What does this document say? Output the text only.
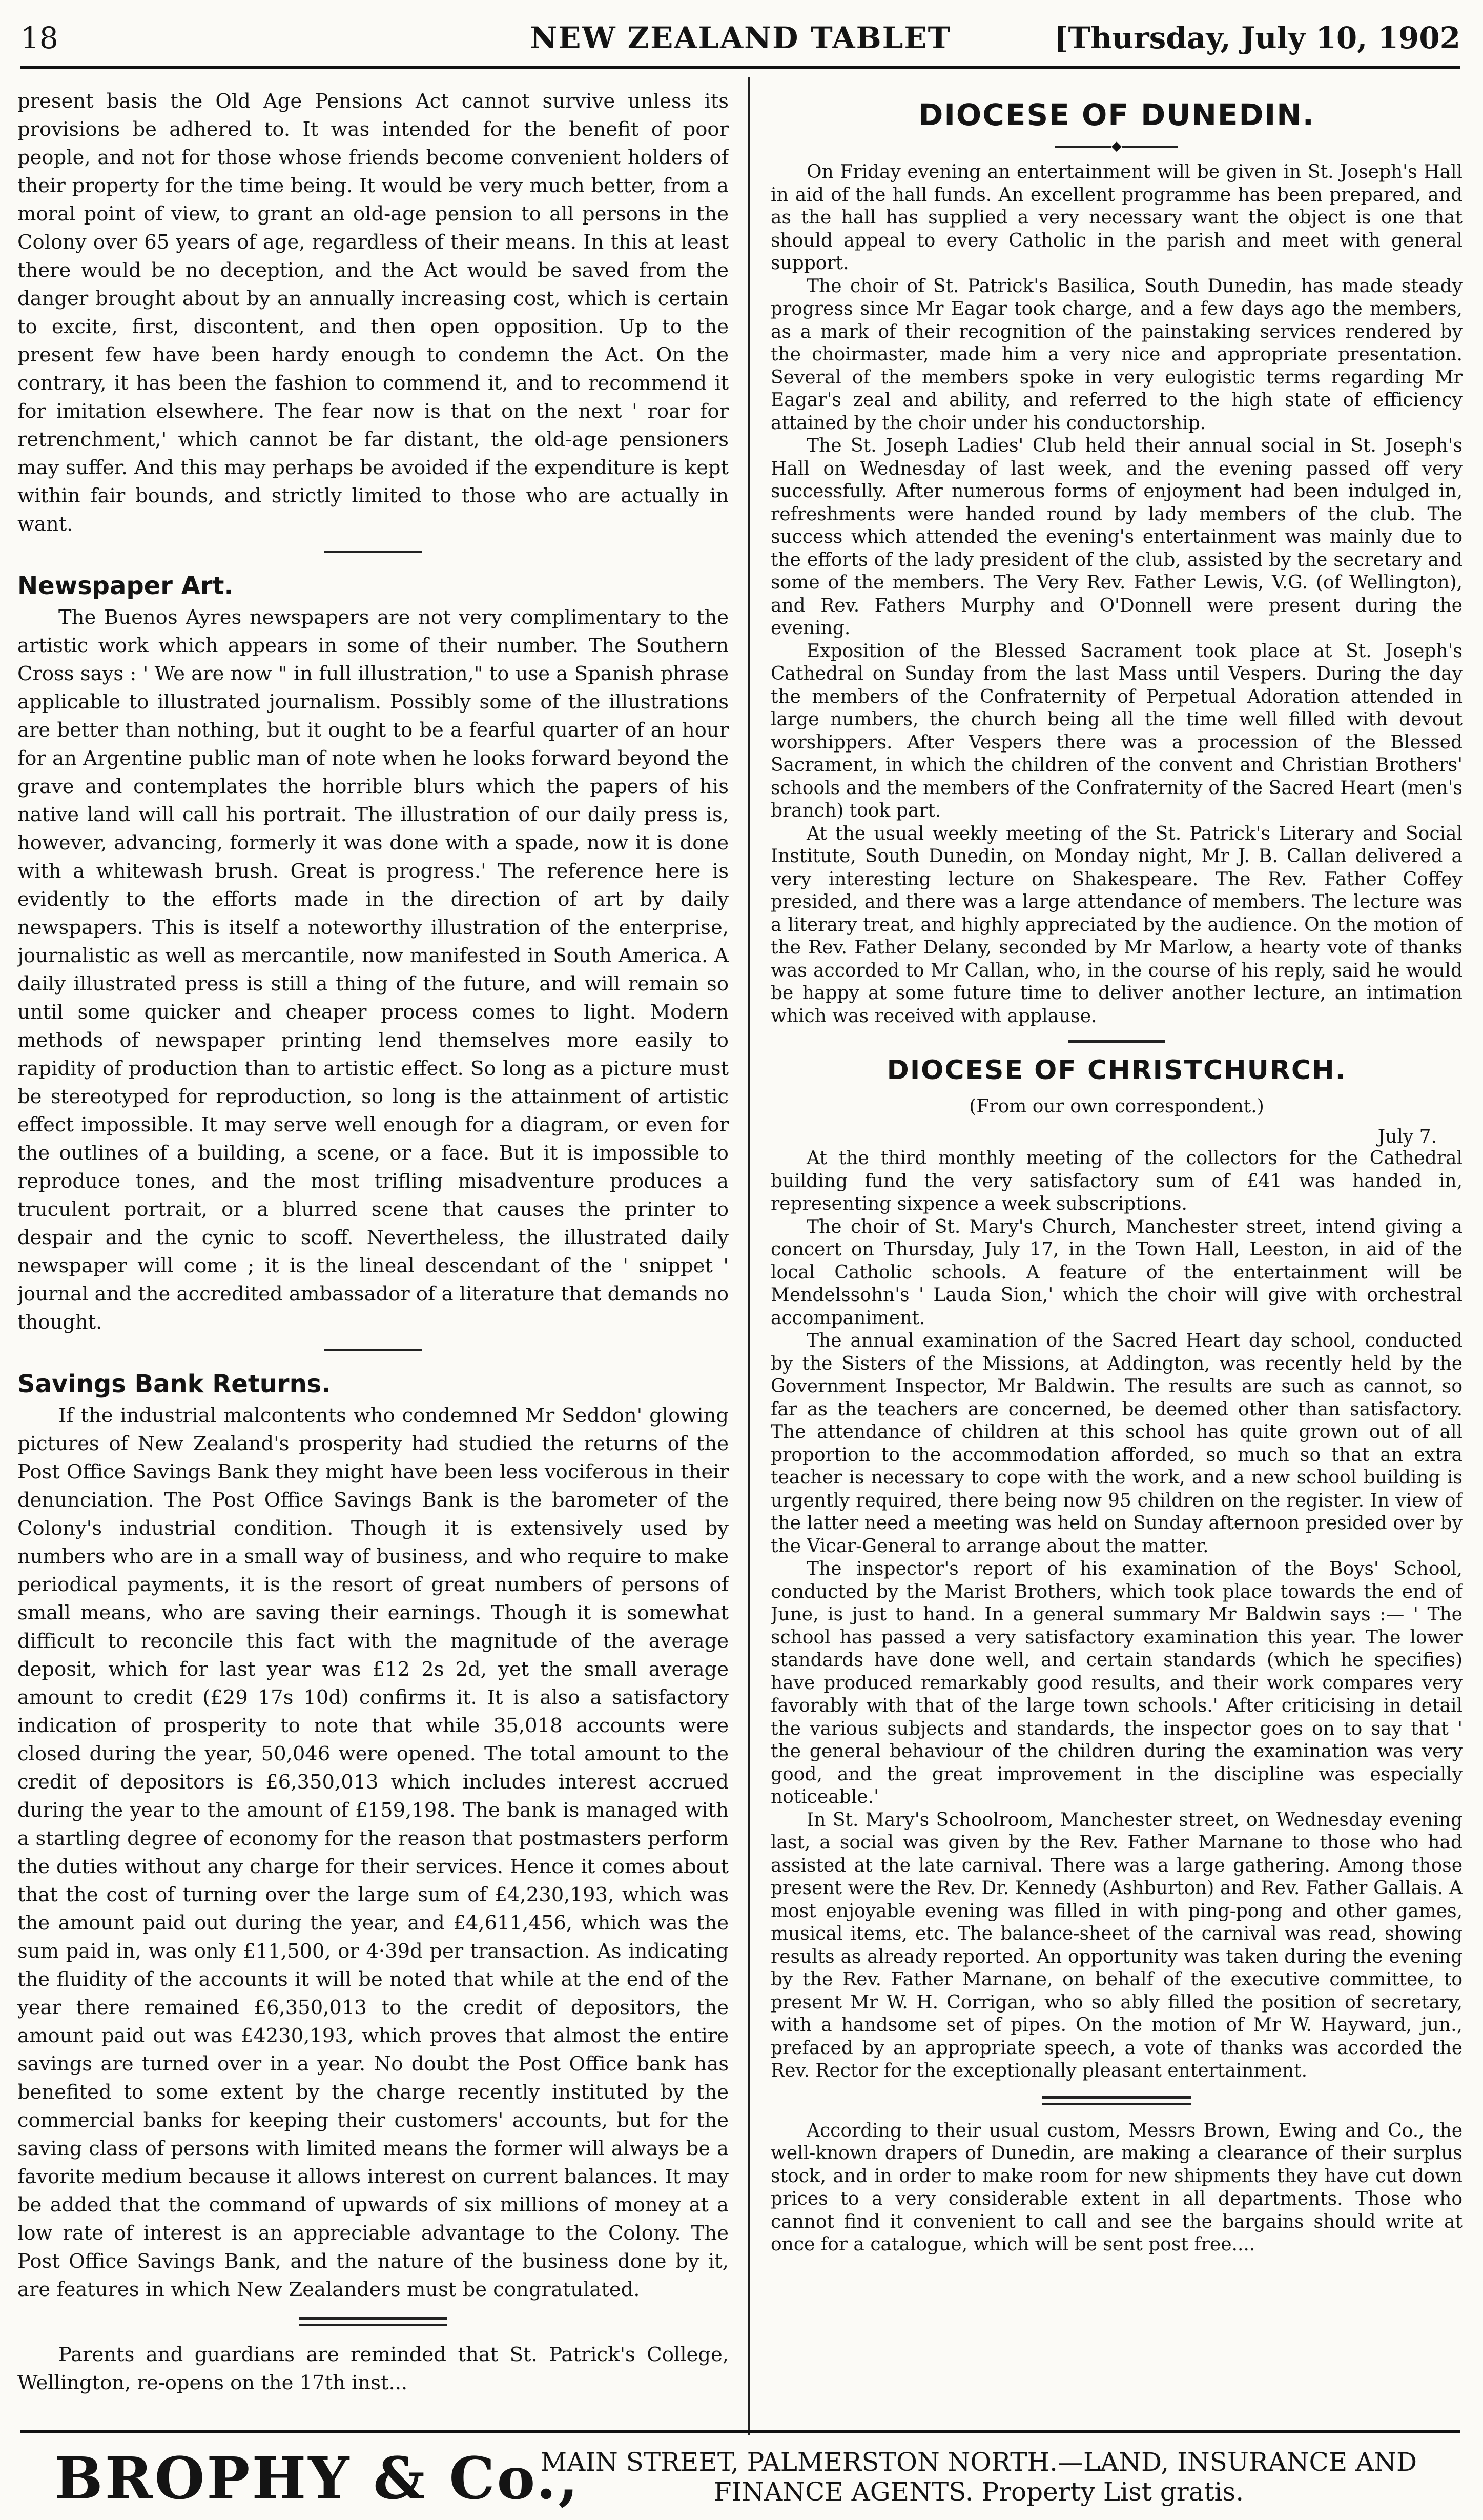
18	NEW ZEALAND TABLET	[Thursday, July 10, 1902

present basis the Old Age Pensions Act cannot survive unless its provisions be adhered to. It was intended for the benefit of poor people, and not for those whose friends become convenient holders of their property for the time being. It would be very much better, from a moral point of view, to grant an old-age pension to all persons in the Colony over 65 years of age, regardless of their means. In this at least there would be no deception, and the Act would be saved from the danger brought about by an annually increasing cost, which is certain to excite, first, discontent, and then open opposition. Up to the present few have been hardy enough to condemn the Act. On the contrary, it has been the fashion to commend it, and to recommend it for imitation elsewhere. The fear now is that on the next ' roar for retrenchment,' which cannot be far distant, the old-age pensioners may suffer. And this may perhaps be avoided if the expenditure is kept within fair bounds, and strictly limited to those who are actually in want.

Newspaper Art.

The Buenos Ayres newspapers are not very complimentary to the artistic work which appears in some of their number. The Southern Cross says : ' We are now " in full illustration," to use a Spanish phrase applicable to illustrated journalism. Possibly some of the illustrations are better than nothing, but it ought to be a fearful quarter of an hour for an Argentine public man of note when he looks forward beyond the grave and contemplates the horrible blurs which the papers of his native land will call his portrait. The illustration of our daily press is, however, advancing, formerly it was done with a spade, now it is done with a whitewash brush. Great is progress.' The reference here is evidently to the efforts made in the direction of art by daily newspapers. This is itself a noteworthy illustration of the enterprise, journalistic as well as mercantile, now manifested in South America. A daily illustrated press is still a thing of the future, and will remain so until some quicker and cheaper process comes to light. Modern methods of newspaper printing lend themselves more easily to rapidity of production than to artistic effect. So long as a picture must be stereotyped for reproduction, so long is the attainment of artistic effect impossible. It may serve well enough for a diagram, or even for the outlines of a building, a scene, or a face. But it is impossible to reproduce tones, and the most trifling misadventure produces a truculent portrait, or a blurred scene that causes the printer to despair and the cynic to scoff. Nevertheless, the illustrated daily newspaper will come ; it is the lineal descendant of the ' snippet ' journal and the accredited ambassador of a literature that demands no thought.

Savings Bank Returns.

If the industrial malcontents who condemned Mr Seddon' glowing pictures of New Zealand's prosperity had studied the returns of the Post Office Savings Bank they might have been less vociferous in their denunciation. The Post Office Savings Bank is the barometer of the Colony's industrial condition. Though it is extensively used by numbers who are in a small way of business, and who require to make periodical payments, it is the resort of great numbers of persons of small means, who are saving their earnings. Though it is somewhat difficult to reconcile this fact with the magnitude of the average deposit, which for last year was £12 2s 2d, yet the small average amount to credit (£29 17s 10d) confirms it. It is also a satisfactory indication of prosperity to note that while 35,018 accounts were closed during the year, 50,046 were opened. The total amount to the credit of depositors is £6,350,013 which includes interest accrued during the year to the amount of £159,198. The bank is managed with a startling degree of economy for the reason that postmasters perform the duties without any charge for their services. Hence it comes about that the cost of turning over the large sum of £4,230,193, which was the amount paid out during the year, and £4,611,456, which was the sum paid in, was only £11,500, or 4·39d per transaction. As indicating the fluidity of the accounts it will be noted that while at the end of the year there remained £6,350,013 to the credit of depositors, the amount paid out was £4230,193, which proves that almost the entire savings are turned over in a year. No doubt the Post Office bank has benefited to some extent by the charge recently instituted by the commercial banks for keeping their customers' accounts, but for the saving class of persons with limited means the former will always be a favorite medium because it allows interest on current balances. It may be added that the command of upwards of six millions of money at a low rate of interest is an appreciable advantage to the Colony. The Post Office Savings Bank, and the nature of the business done by it, are features in which New Zealanders must be congratulated.

Parents and guardians are reminded that St. Patrick's College, Wellington, re-opens on the 17th inst...

DIOCESE OF DUNEDIN.
◆

On Friday evening an entertainment will be given in St. Joseph's Hall in aid of the hall funds. An excellent programme has been prepared, and as the hall has supplied a very necessary want the object is one that should appeal to every Catholic in the parish and meet with general support.

The choir of St. Patrick's Basilica, South Dunedin, has made steady progress since Mr Eagar took charge, and a few days ago the members, as a mark of their recognition of the painstaking services rendered by the choirmaster, made him a very nice and appropriate presentation. Several of the members spoke in very eulogistic terms regarding Mr Eagar's zeal and ability, and referred to the high state of efficiency attained by the choir under his conductorship.

The St. Joseph Ladies' Club held their annual social in St. Joseph's Hall on Wednesday of last week, and the evening passed off very successfully. After numerous forms of enjoyment had been indulged in, refreshments were handed round by lady members of the club. The success which attended the evening's entertainment was mainly due to the efforts of the lady president of the club, assisted by the secretary and some of the members. The Very Rev. Father Lewis, V.G. (of Wellington), and Rev. Fathers Murphy and O'Donnell were present during the evening.

Exposition of the Blessed Sacrament took place at St. Joseph's Cathedral on Sunday from the last Mass until Vespers. During the day the members of the Confraternity of Perpetual Adoration attended in large numbers, the church being all the time well filled with devout worshippers. After Vespers there was a procession of the Blessed Sacrament, in which the children of the convent and Christian Brothers' schools and the members of the Confraternity of the Sacred Heart (men's branch) took part.

At the usual weekly meeting of the St. Patrick's Literary and Social Institute, South Dunedin, on Monday night, Mr J. B. Callan delivered a very interesting lecture on Shakespeare. The Rev. Father Coffey presided, and there was a large attendance of members. The lecture was a literary treat, and highly appreciated by the audience. On the motion of the Rev. Father Delany, seconded by Mr Marlow, a hearty vote of thanks was accorded to Mr Callan, who, in the course of his reply, said he would be happy at some future time to deliver another lecture, an intimation which was received with applause.

DIOCESE OF CHRISTCHURCH.
(From our own correspondent.)
July 7.

At the third monthly meeting of the collectors for the Cathedral building fund the very satisfactory sum of £41 was handed in, representing sixpence a week subscriptions.

The choir of St. Mary's Church, Manchester street, intend giving a concert on Thursday, July 17, in the Town Hall, Leeston, in aid of the local Catholic schools. A feature of the entertainment will be Mendelssohn's ' Lauda Sion,' which the choir will give with orchestral accompaniment.

The annual examination of the Sacred Heart day school, conducted by the Sisters of the Missions, at Addington, was recently held by the Government Inspector, Mr Baldwin. The results are such as cannot, so far as the teachers are concerned, be deemed other than satisfactory. The attendance of children at this school has quite grown out of all proportion to the accommodation afforded, so much so that an extra teacher is necessary to cope with the work, and a new school building is urgently required, there being now 95 children on the register. In view of the latter need a meeting was held on Sunday afternoon presided over by the Vicar-General to arrange about the matter.

The inspector's report of his examination of the Boys' School, conducted by the Marist Brothers, which took place towards the end of June, is just to hand. In a general summary Mr Baldwin says :— ' The school has passed a very satisfactory examination this year. The lower standards have done well, and certain standards (which he specifies) have produced remarkably good results, and their work compares very favorably with that of the large town schools.' After criticising in detail the various subjects and standards, the inspector goes on to say that ' the general behaviour of the children during the examination was very good, and the great improvement in the discipline was especially noticeable.'

In St. Mary's Schoolroom, Manchester street, on Wednesday evening last, a social was given by the Rev. Father Marnane to those who had assisted at the late carnival. There was a large gathering. Among those present were the Rev. Dr. Kennedy (Ashburton) and Rev. Father Gallais. A most enjoyable evening was filled in with ping-pong and other games, musical items, etc. The balance-sheet of the carnival was read, showing results as already reported. An opportunity was taken during the evening by the Rev. Father Marnane, on behalf of the executive committee, to present Mr W. H. Corrigan, who so ably filled the position of secretary, with a handsome set of pipes. On the motion of Mr W. Hayward, jun., prefaced by an appropriate speech, a vote of thanks was accorded the Rev. Rector for the exceptionally pleasant entertainment.

According to their usual custom, Messrs Brown, Ewing and Co., the well-known drapers of Dunedin, are making a clearance of their surplus stock, and in order to make room for new shipments they have cut down prices to a very considerable extent in all departments. Those who cannot find it convenient to call and see the bargains should write at once for a catalogue, which will be sent post free....

BROPHY & Co.,
MAIN STREET, PALMERSTON NORTH.—LAND, INSURANCE AND
FINANCE AGENTS. Property List gratis.
